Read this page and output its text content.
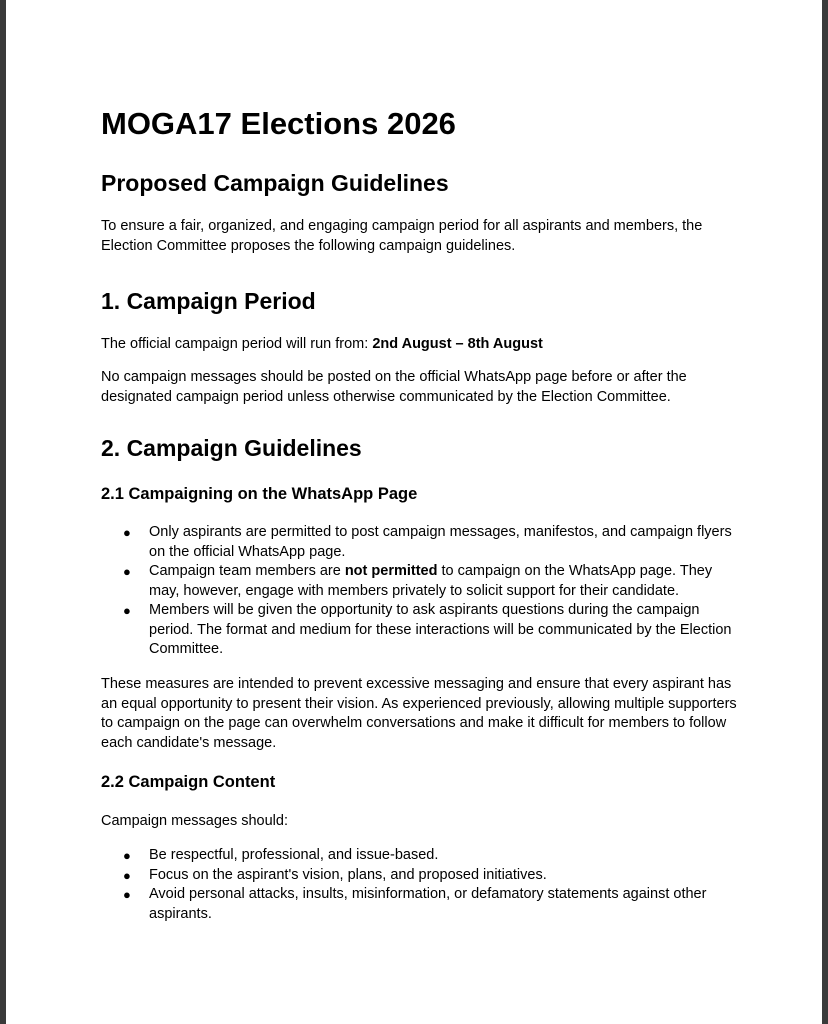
MOGA17 Elections 2026
Proposed Campaign Guidelines

To ensure a fair, organized, and engaging campaign period for all aspirants and members, the Election Committee proposes the following campaign guidelines.

1. Campaign Period

The official campaign period will run from: 2nd August – 8th August

No campaign messages should be posted on the official WhatsApp page before or after the designated campaign period unless otherwise communicated by the Election Committee.

2. Campaign Guidelines
2.1 Campaigning on the WhatsApp Page
● Only aspirants are permitted to post campaign messages, manifestos, and campaign flyers on the official WhatsApp page.
● Campaign team members are not permitted to campaign on the WhatsApp page. They may, however, engage with members privately to solicit support for their candidate.
● Members will be given the opportunity to ask aspirants questions during the campaign period. The format and medium for these interactions will be communicated by the Election Committee.

These measures are intended to prevent excessive messaging and ensure that every aspirant has an equal opportunity to present their vision. As experienced previously, allowing multiple supporters to campaign on the page can overwhelm conversations and make it difficult for members to follow each candidate's message.

2.2 Campaign Content

Campaign messages should:

● Be respectful, professional, and issue-based.
● Focus on the aspirant's vision, plans, and proposed initiatives.
● Avoid personal attacks, insults, misinformation, or defamatory statements against other aspirants.
